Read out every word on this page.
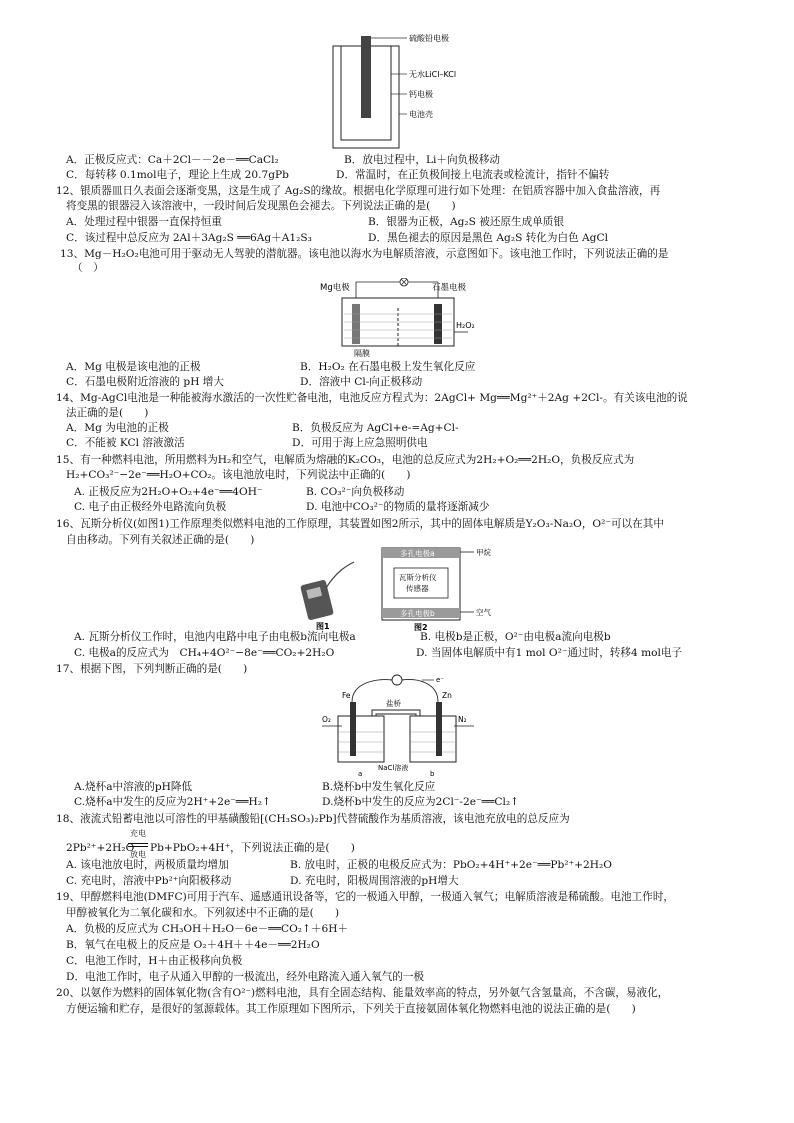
硫酸铅电极
无水LiCl–KCl
钙电极
电池壳
A．正极反应式：Ca＋2Cl－－2e－══CaCl₂	B．放电过程中，Li＋向负极移动
C．每转移 0.1mol电子，理论上生成 20.7gPb	D．常温时，在正负极间接上电流表或检流计，指针不偏转
12、银质器皿日久表面会逐渐变黑，这是生成了 Ag₂S的缘故。根据电化学原理可进行如下处理：在铝质容器中加入食盐溶液，再
将变黑的银器浸入该溶液中，一段时间后发现黑色会褪去。下列说法正确的是(　　)
A．处理过程中银器一直保持恒重	B．银器为正极，Ag₂S 被还原生成单质银
C．该过程中总反应为 2Al＋3Ag₂S ══6Ag＋A1₂S₃	D．黑色褪去的原因是黑色 Ag₂S 转化为白色 AgCl
13、Mg－H₂O₂电池可用于驱动无人驾驶的潜航器。该电池以海水为电解质溶液，示意图如下。该电池工作时，下列说法正确的是
（　）
Mg电极	石墨电极
H₂O₂
隔膜
A．Mg 电极是该电池的正极	B．H₂O₂ 在石墨电极上发生氧化反应
C．石墨电极附近溶液的 pH 增大	D．溶液中 Cl-向正极移动
14、Mg-AgCl电池是一种能被海水激活的一次性贮备电池，电池反应方程式为：2AgCl+ Mg══Mg²⁺＋2Ag +2Cl-。有关该电池的说
法正确的是(　　)
A．Mg 为电池的正极	B．负极反应为 AgCl+e-=Ag+Cl-
C．不能被 KCl 溶液激活	D．可用于海上应急照明供电
15、有一种燃料电池，所用燃料为H₂和空气，电解质为熔融的K₂CO₃，电池的总反应式为2H₂+O₂══2H₂O，负极反应式为
H₂+CO₃²⁻−2e⁻══H₂O+CO₂。该电池放电时，下列说法中正确的(　　)
A. 正极反应为2H₂O+O₂+4e⁻══4OH⁻	B. CO₃²⁻向负极移动
C. 电子由正极经外电路流向负极	D. 电池中CO₃²⁻的物质的量将逐渐减少
16、瓦斯分析仪(如图1)工作原理类似燃料电池的工作原理，其装置如图2所示，其中的固体电解质是Y₂O₃-Na₂O，O²⁻可以在其中
自由移动。下列有关叙述正确的是(　　)
图1
多孔电极a
多孔电极b
瓦斯分析仪
传感器
甲烷
空气
图2
A. 瓦斯分析仪工作时，电池内电路中电子由电极b流向电极a	B. 电极b是正极，O²⁻由电极a流向电极b
C. 电极a的反应式为　CH₄+4O²⁻−8e⁻══CO₂+2H₂O	D. 当固体电解质中有1 mol O²⁻通过时，转移4 mol电子
17、根据下图，下列判断正确的是(　　)
e⁻
Fe	Zn
盐桥
O₂	N₂
NaCl溶液
a	b
A.烧杯a中溶液的pH降低	B.烧杯b中发生氧化反应
C.烧杯a中发生的反应为2H⁺+2e⁻══H₂↑	D.烧杯b中发生的反应为2Cl⁻-2e⁻══Cl₂↑
18、液流式铅蓄电池以可溶性的甲基磺酸铅[(CH₃SO₃)₂Pb]代替硫酸作为基质溶液，该电池充放电的总反应为
充电
2Pb²⁺+2H₂O
放电
Pb+PbO₂+4H⁺，下列说法正确的是(　　)
A. 该电池放电时，两极质量均增加	B. 放电时，正极的电极反应式为：PbO₂+4H⁺+2e⁻══Pb²⁺+2H₂O
C. 充电时，溶液中Pb²⁺向阳极移动	D. 充电时，阳极周围溶液的pH增大
19、甲醇燃料电池(DMFC)可用于汽车、遥感通讯设备等，它的一极通入甲醇，一极通入氧气；电解质溶液是稀硫酸。电池工作时，
甲醇被氧化为二氧化碳和水。下列叙述中不正确的是(　　)
A．负极的反应式为 CH₃OH＋H₂O－6e－══CO₂↑＋6H＋
B．氧气在电极上的反应是 O₂＋4H＋＋4e－══2H₂O
C．电池工作时，H＋由正极移向负极
D．电池工作时，电子从通入甲醇的一极流出，经外电路流入通入氧气的一极
20、以氨作为燃料的固体氧化物(含有O²⁻)燃料电池，具有全固态结构、能量效率高的特点，另外氨气含氢量高，不含碳，易液化，
方便运输和贮存，是很好的氢源载体。其工作原理如下图所示，下列关于直接氨固体氧化物燃料电池的说法正确的是(　　)
